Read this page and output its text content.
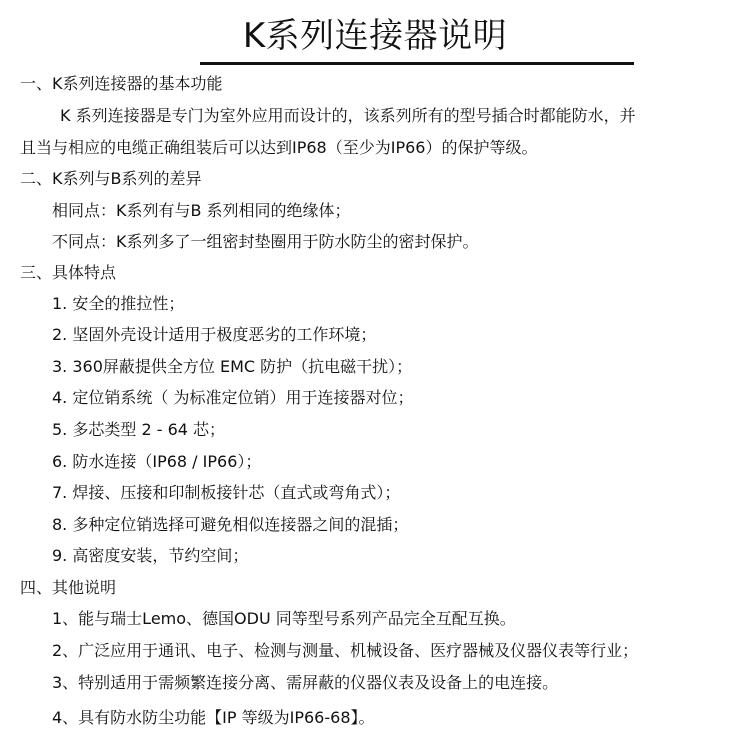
K系列连接器说明
一、K系列连接器的基本功能
K 系列连接器是专门为室外应用而设计的，该系列所有的型号插合时都能防水，并
且当与相应的电缆正确组装后可以达到IP68（至少为IP66）的保护等级。
二、K系列与B系列的差异
相同点：K系列有与B 系列相同的绝缘体；
不同点：K系列多了一组密封垫圈用于防水防尘的密封保护。
三、具体特点
1. 安全的推拉性；
2. 坚固外壳设计适用于极度恶劣的工作环境；
3. 360屏蔽提供全方位 EMC 防护（抗电磁干扰）；
4. 定位销系统（ 为标准定位销）用于连接器对位；
5. 多芯类型 2 - 64 芯；
6. 防水连接（IP68 / IP66）；
7. 焊接、压接和印制板接针芯（直式或弯角式）；
8. 多种定位销选择可避免相似连接器之间的混插；
9. 高密度安装，节约空间；
四、其他说明
1、能与瑞士Lemo、德国ODU 同等型号系列产品完全互配互换。
2、广泛应用于通讯、电子、检测与测量、机械设备、医疗器械及仪器仪表等行业；
3、特别适用于需频繁连接分离、需屏蔽的仪器仪表及设备上的电连接。
4、具有防水防尘功能【IP 等级为IP66-68】。
